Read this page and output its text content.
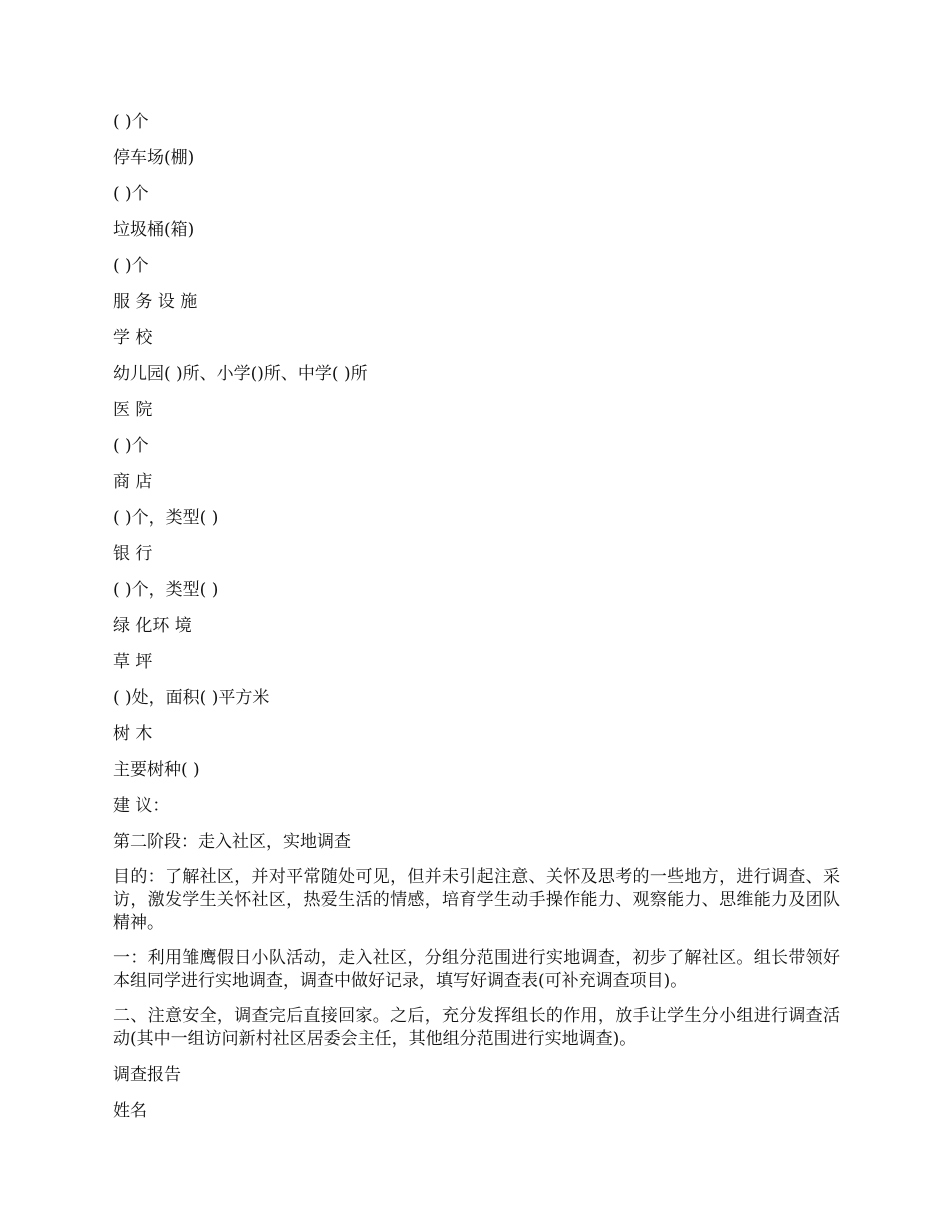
( )个
停车场(棚)
( )个
垃圾桶(箱)
( )个
服 务 设 施
学 校
幼儿园( )所、小学()所、中学( )所
医 院
( )个
商 店
( )个，类型( )
银 行
( )个，类型( )
绿 化环 境
草 坪
( )处，面积( )平方米
树 木
主要树种( )
建 议：
第二阶段：走入社区，实地调查
目的：了解社区，并对平常随处可见，但并未引起注意、关怀及思考的一些地方，进行调查、采访，激发学生关怀社区，热爱生活的情感，培育学生动手操作能力、观察能力、思维能力及团队精神。
一：利用雏鹰假日小队活动，走入社区，分组分范围进行实地调查，初步了解社区。组长带领好本组同学进行实地调查，调查中做好记录，填写好调查表(可补充调查项目)。
二、注意安全，调查完后直接回家。之后，充分发挥组长的作用，放手让学生分小组进行调查活动(其中一组访问新村社区居委会主任，其他组分范围进行实地调查)。
调查报告
姓名
